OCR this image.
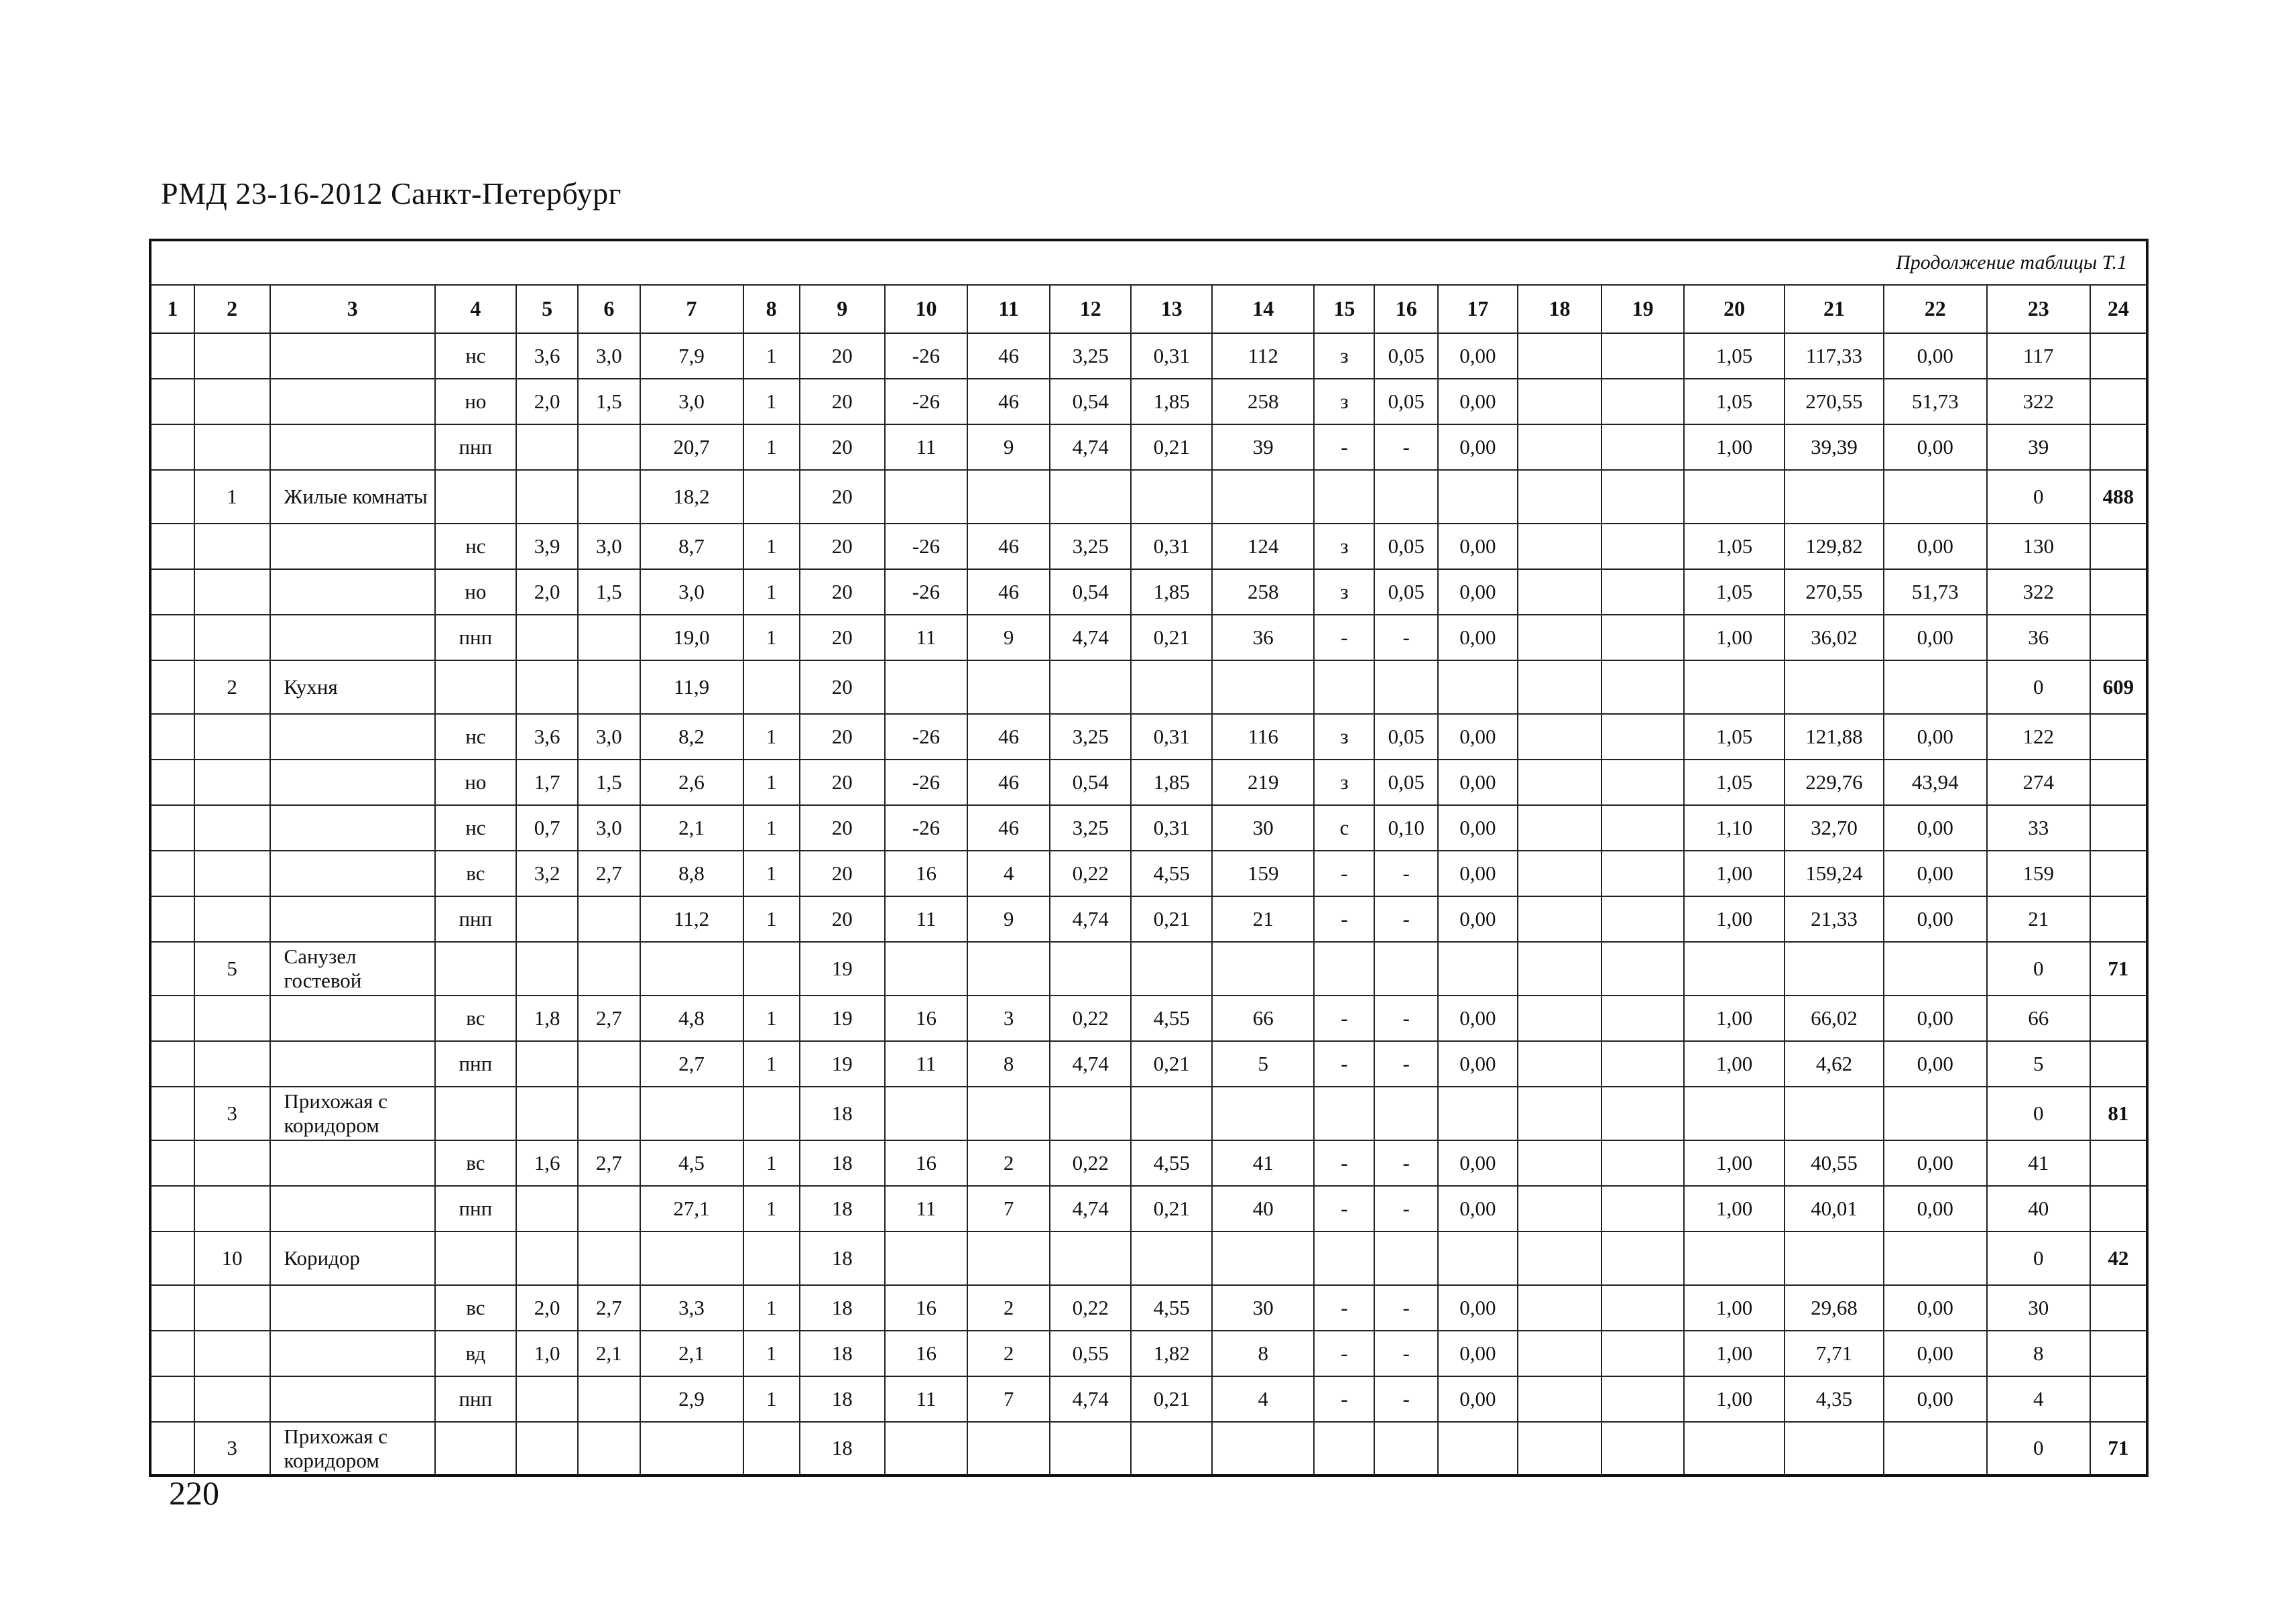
РМД 23-16-2012 Санкт-Петербург
Продолжение таблицы Т.1																							
1	2	3	4	5	6	7	8	9	10	11	12	13	14	15	16	17	18	19	20	21	22	23	24
			нс	3,6	3,0	7,9	1	20	-26	46	3,25	0,31	112	з	0,05	0,00			1,05	117,33	0,00	117	
			но	2,0	1,5	3,0	1	20	-26	46	0,54	1,85	258	з	0,05	0,00			1,05	270,55	51,73	322	
			пнп			20,7	1	20	11	9	4,74	0,21	39	-	-	0,00			1,00	39,39	0,00	39	
	1	Жилые комнаты				18,2		20														0	488
			нс	3,9	3,0	8,7	1	20	-26	46	3,25	0,31	124	з	0,05	0,00			1,05	129,82	0,00	130	
			но	2,0	1,5	3,0	1	20	-26	46	0,54	1,85	258	з	0,05	0,00			1,05	270,55	51,73	322	
			пнп			19,0	1	20	11	9	4,74	0,21	36	-	-	0,00			1,00	36,02	0,00	36	
	2	Кухня				11,9		20														0	609
			нс	3,6	3,0	8,2	1	20	-26	46	3,25	0,31	116	з	0,05	0,00			1,05	121,88	0,00	122	
			но	1,7	1,5	2,6	1	20	-26	46	0,54	1,85	219	з	0,05	0,00			1,05	229,76	43,94	274	
			нс	0,7	3,0	2,1	1	20	-26	46	3,25	0,31	30	с	0,10	0,00			1,10	32,70	0,00	33	
			вс	3,2	2,7	8,8	1	20	16	4	0,22	4,55	159	-	-	0,00			1,00	159,24	0,00	159	
			пнп			11,2	1	20	11	9	4,74	0,21	21	-	-	0,00			1,00	21,33	0,00	21	
	5	Санузел гостевой						19														0	71
			вс	1,8	2,7	4,8	1	19	16	3	0,22	4,55	66	-	-	0,00			1,00	66,02	0,00	66	
			пнп			2,7	1	19	11	8	4,74	0,21	5	-	-	0,00			1,00	4,62	0,00	5	
	3	Прихожая с коридором						18														0	81
			вс	1,6	2,7	4,5	1	18	16	2	0,22	4,55	41	-	-	0,00			1,00	40,55	0,00	41	
			пнп			27,1	1	18	11	7	4,74	0,21	40	-	-	0,00			1,00	40,01	0,00	40	
	10	Коридор						18														0	42
			вс	2,0	2,7	3,3	1	18	16	2	0,22	4,55	30	-	-	0,00			1,00	29,68	0,00	30	
			вд	1,0	2,1	2,1	1	18	16	2	0,55	1,82	8	-	-	0,00			1,00	7,71	0,00	8	
			пнп			2,9	1	18	11	7	4,74	0,21	4	-	-	0,00			1,00	4,35	0,00	4	
	3	Прихожая с коридором						18														0	71
220
